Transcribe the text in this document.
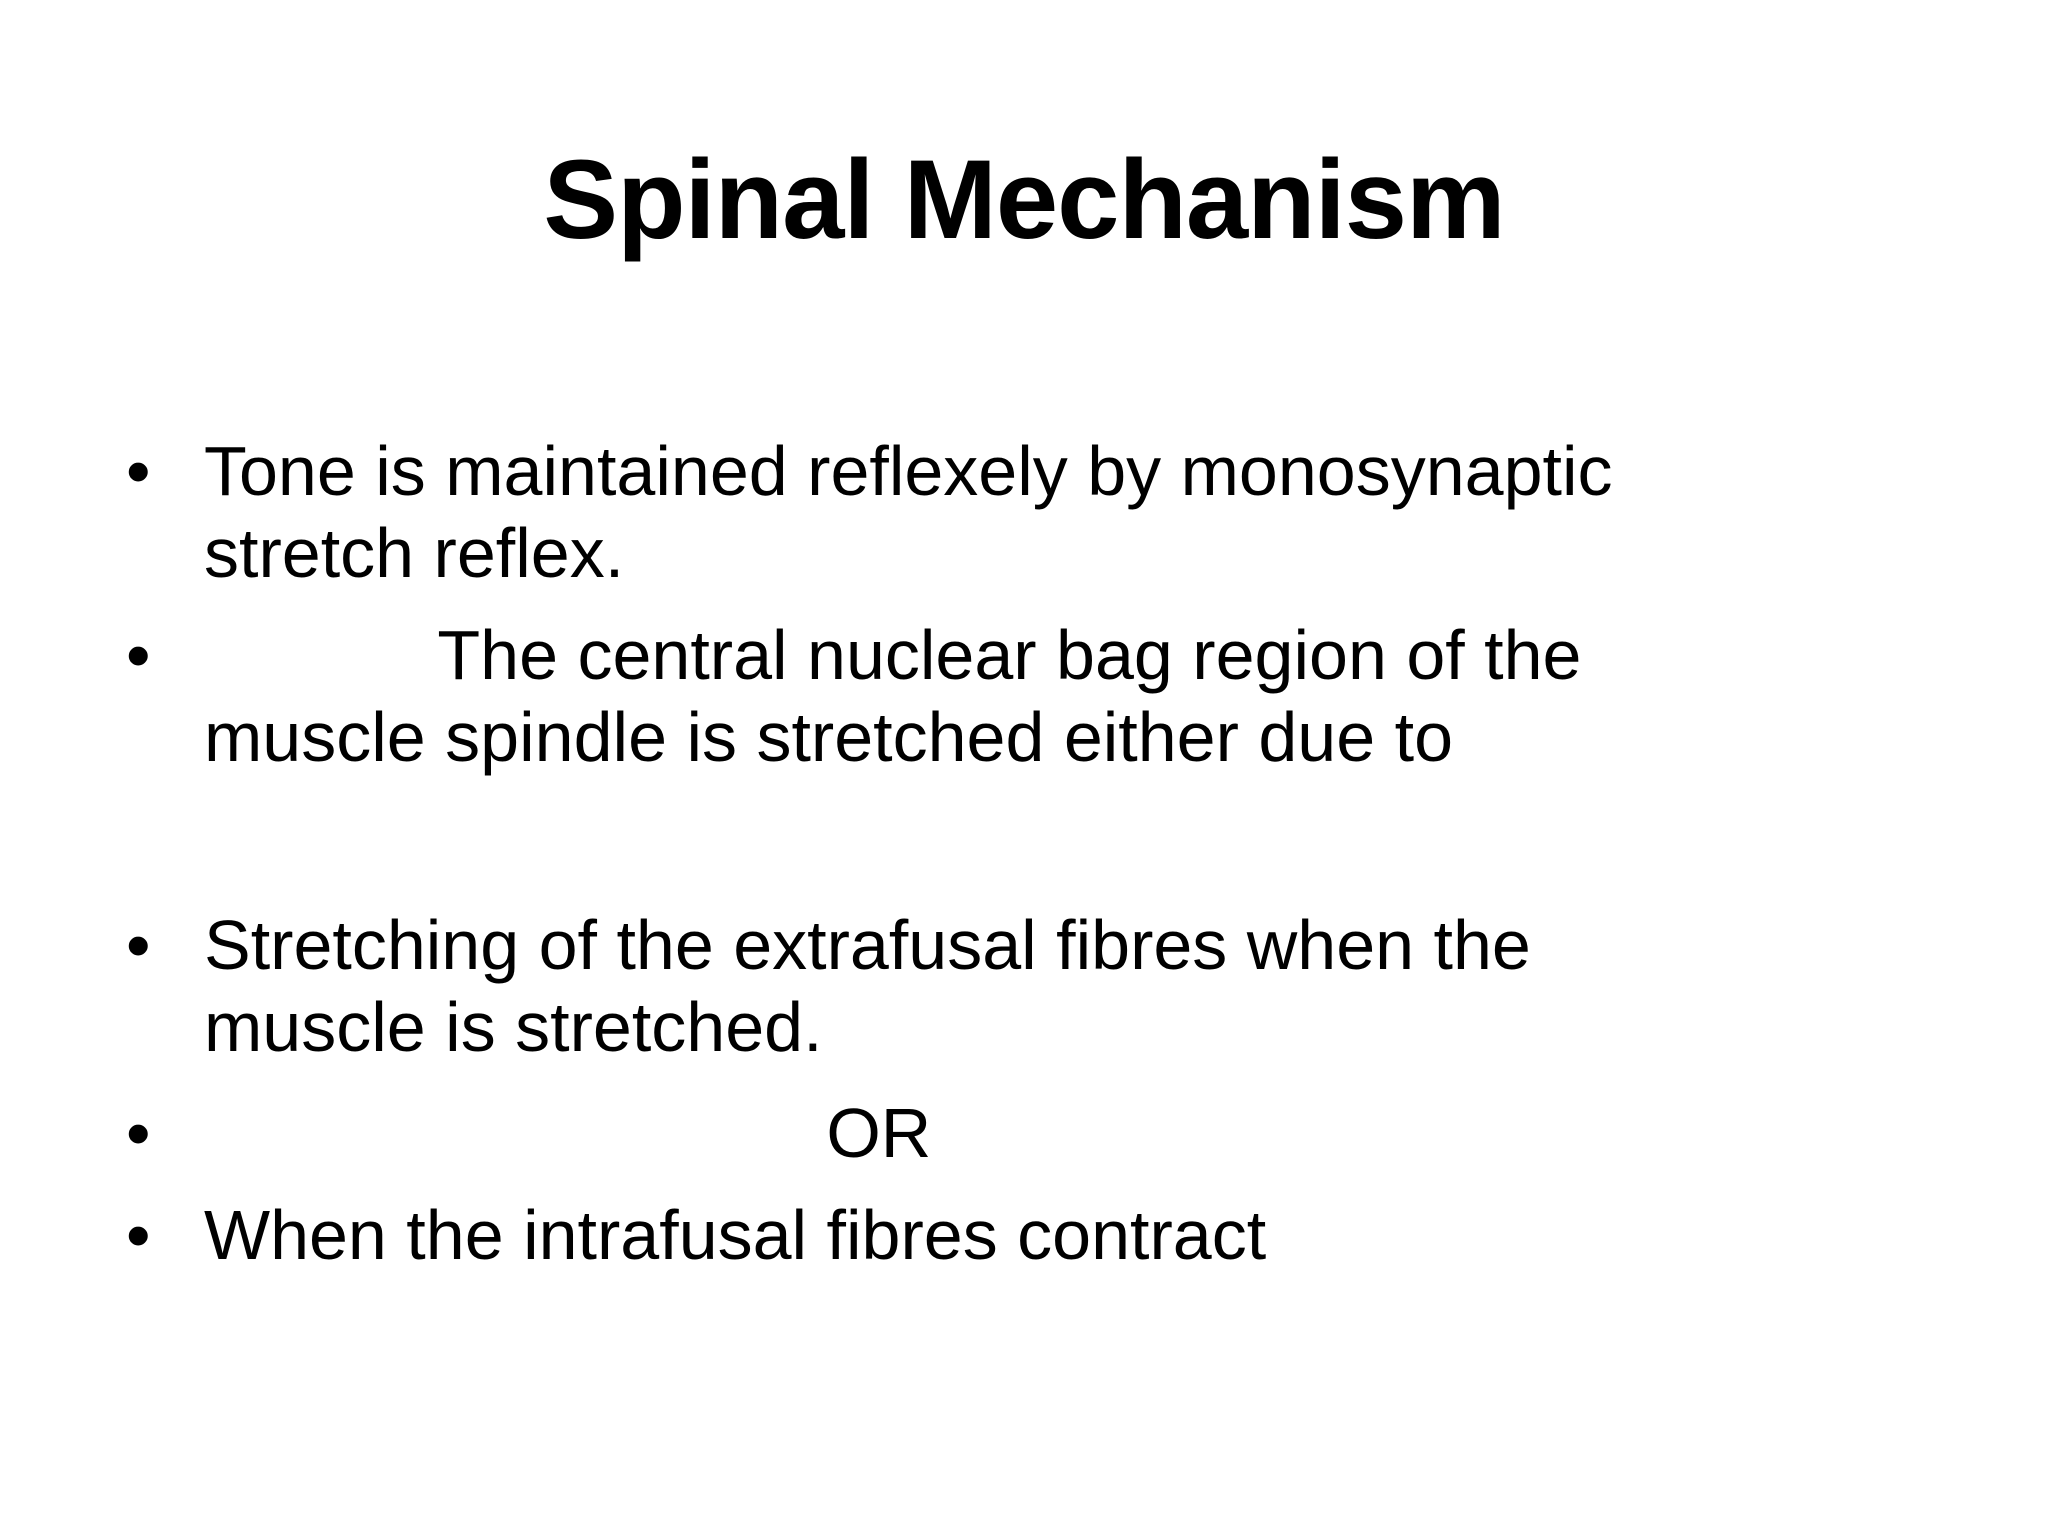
Spinal Mechanism
• Tone is maintained reflexely by monosynaptic
stretch reflex.
• The central nuclear bag region of the
muscle spindle is stretched either due to
• Stretching of the extrafusal fibres when the
muscle is stretched.
• OR
• When the intrafusal fibres contract
